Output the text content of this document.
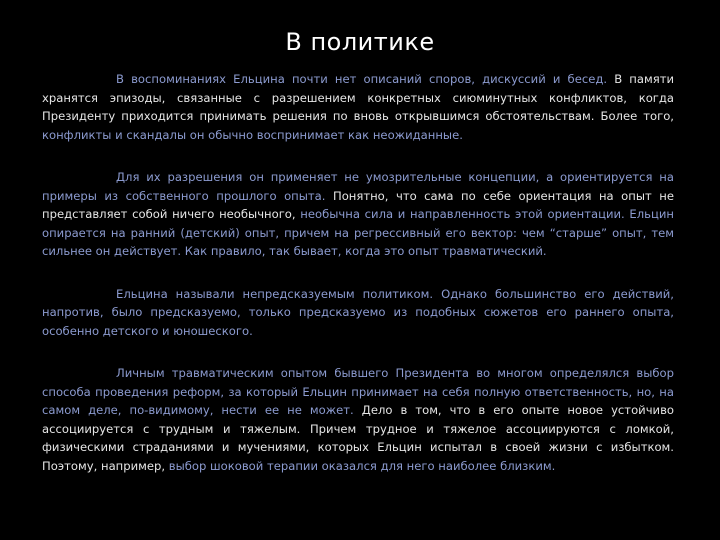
В политике

В воспоминаниях Ельцина почти нет описаний споров, дискуссий и бесед. В памяти хранятся эпизоды, связанные с разрешением конкретных сиюминутных конфликтов, когда Президенту приходится принимать решения по вновь открывшимся обстоятельствам. Более того, конфликты и скандалы он обычно воспринимает как неожиданные.

Для их разрешения он применяет не умозрительные концепции, а ориентируется на примеры из собственного прошлого опыта. Понятно, что сама по себе ориентация на опыт не представляет собой ничего необычного, необычна сила и направленность этой ориентации. Ельцин опирается на ранний (детский) опыт, причем на регрессивный его вектор: чем “старше” опыт, тем сильнее он действует. Как правило, так бывает, когда это опыт травматический.

Ельцина называли непредсказуемым политиком. Однако большинство его действий, напротив, было предсказуемо, только предсказуемо из подобных сюжетов его раннего опыта, особенно детского и юношеского.

Личным травматическим опытом бывшего Президента во многом определялся выбор способа проведения реформ, за который Ельцин принимает на себя полную ответственность, но, на самом деле, по-видимому, нести ее не может. Дело в том, что в его опыте новое устойчиво ассоциируется с трудным и тяжелым. Причем трудное и тяжелое ассоциируются с ломкой, физическими страданиями и мучениями, которых Ельцин испытал в своей жизни с избытком. Поэтому, например, выбор шоковой терапии оказался для него наиболее близким.
